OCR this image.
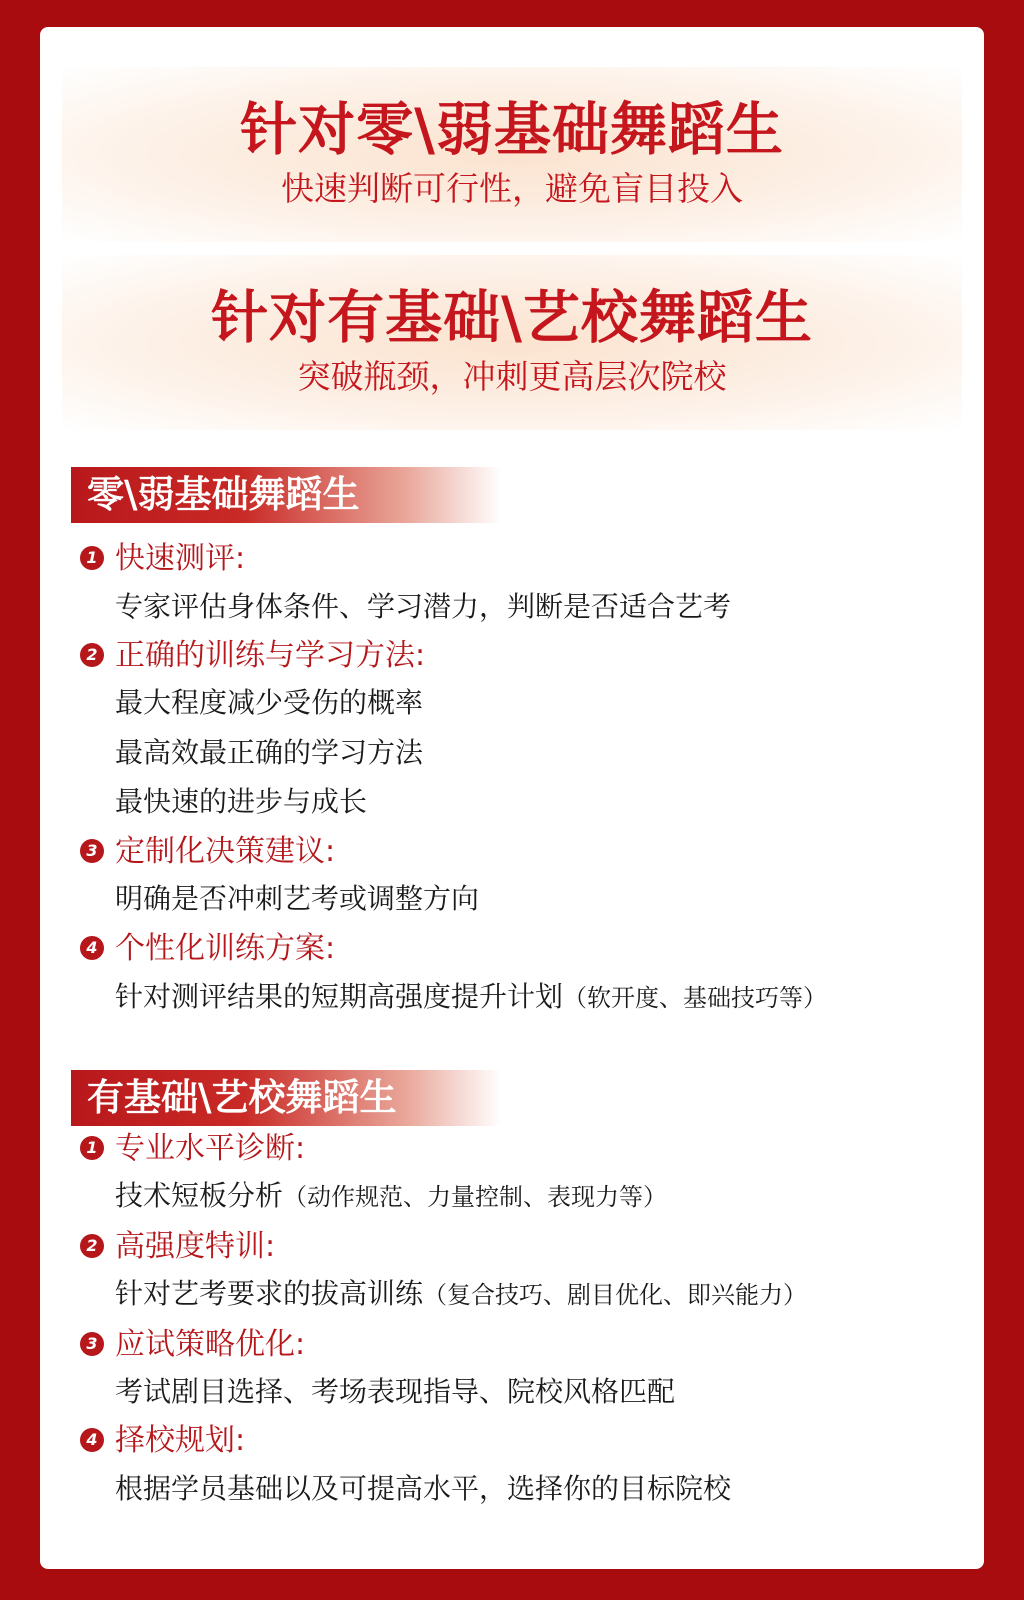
针对零\弱基础舞蹈生
快速判断可行性，避免盲目投入
针对有基础\艺校舞蹈生
突破瓶颈，冲刺更高层次院校
零\弱基础舞蹈生
1 快速测评:
专家评估身体条件、学习潜力，判断是否适合艺考
2 正确的训练与学习方法:
最大程度减少受伤的概率
最高效最正确的学习方法
最快速的进步与成长
3 定制化决策建议:
明确是否冲刺艺考或调整方向
4 个性化训练方案:
针对测评结果的短期高强度提升计划（软开度、基础技巧等）
有基础\艺校舞蹈生
1 专业水平诊断:
技术短板分析（动作规范、力量控制、表现力等）
2 高强度特训:
针对艺考要求的拔高训练（复合技巧、剧目优化、即兴能力）
3 应试策略优化:
考试剧目选择、考场表现指导、院校风格匹配
4 择校规划:
根据学员基础以及可提高水平，选择你的目标院校
